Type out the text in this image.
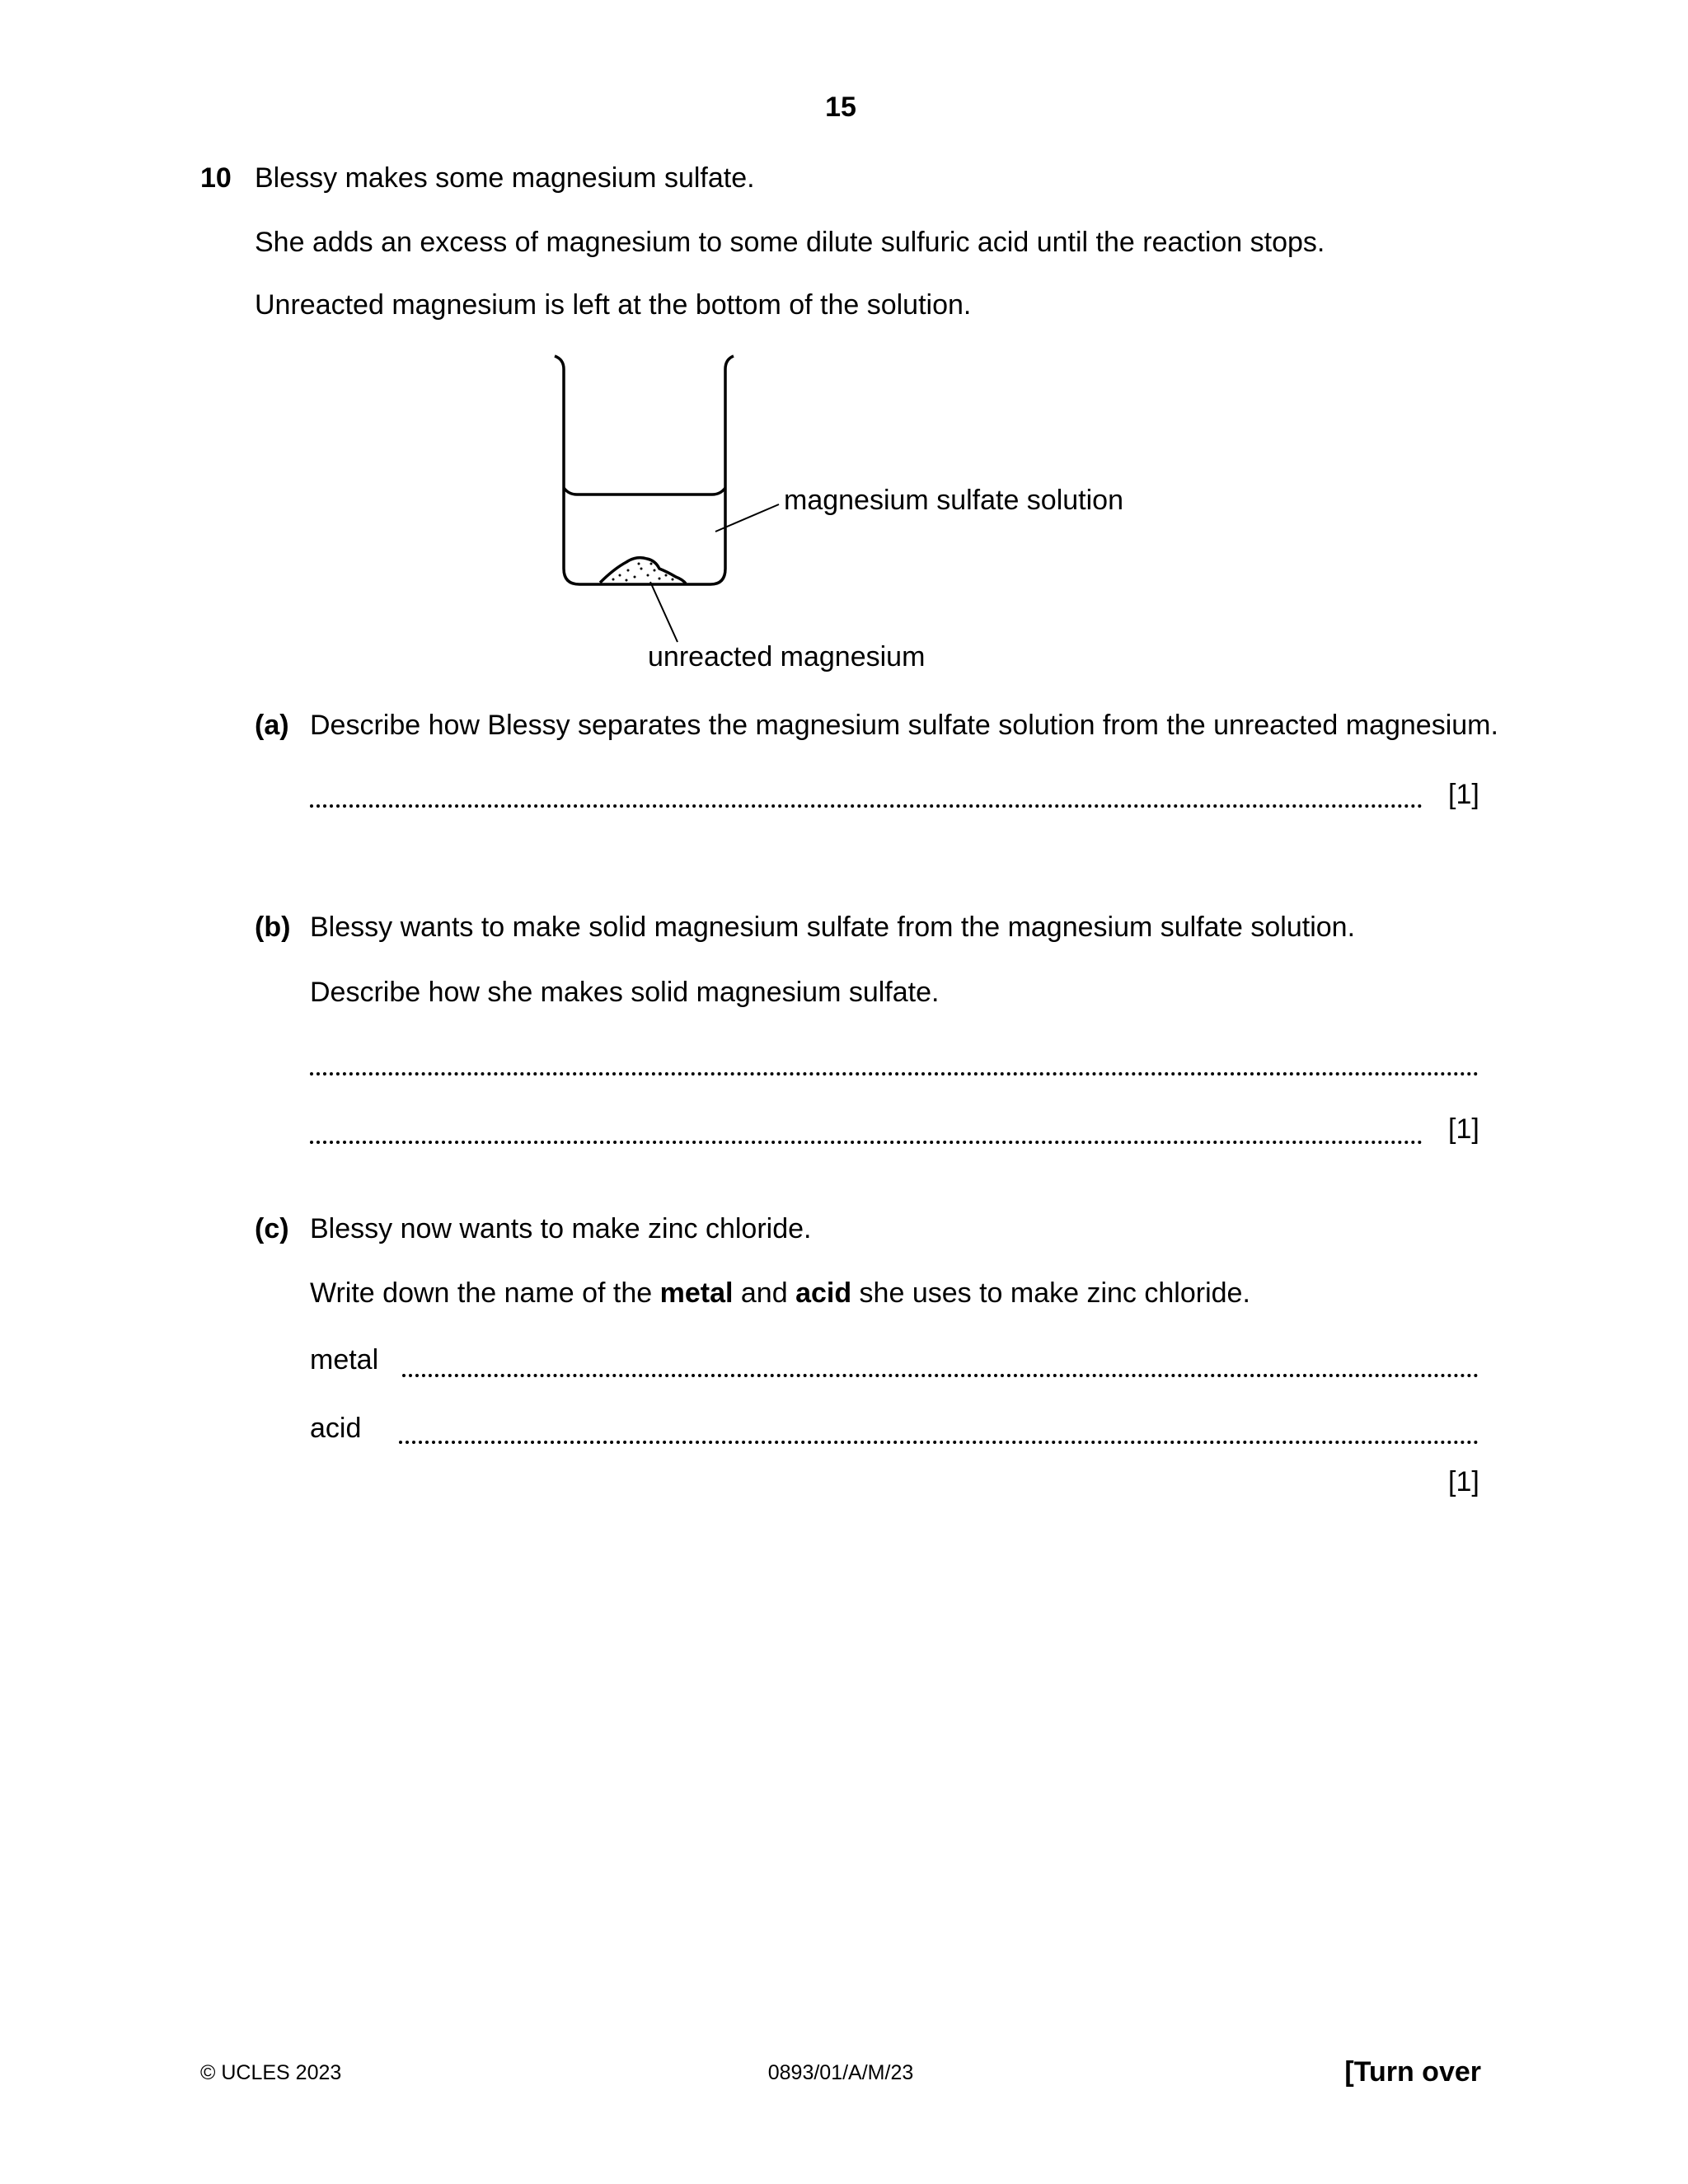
15
10 Blessy makes some magnesium sulfate.
She adds an excess of magnesium to some dilute sulfuric acid until the reaction stops.
Unreacted magnesium is left at the bottom of the solution.
magnesium sulfate solution
unreacted magnesium
(a) Describe how Blessy separates the magnesium sulfate solution from the unreacted magnesium.
[1]
(b) Blessy wants to make solid magnesium sulfate from the magnesium sulfate solution.
Describe how she makes solid magnesium sulfate.
[1]
(c) Blessy now wants to make zinc chloride.
Write down the name of the metal and acid she uses to make zinc chloride.
metal
acid
[1]
© UCLES 2023	0893/01/A/M/23	[Turn over
